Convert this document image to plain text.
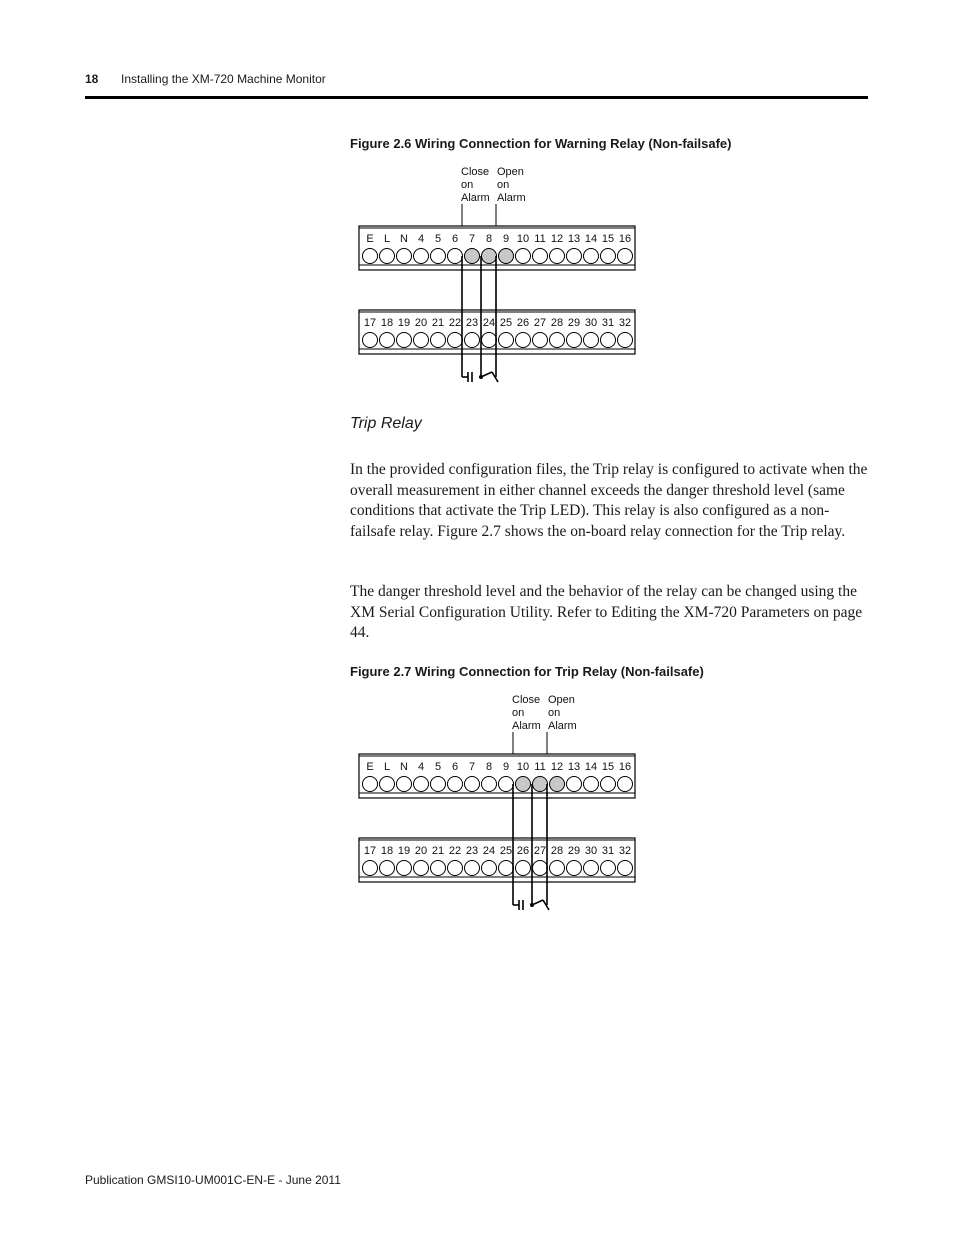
18 Installing the XM-720 Machine Monitor
Figure 2.6 Wiring Connection for Warning Relay (Non-failsafe)
Close
on
Alarm
Open
on
Alarm
E L N 4 5 6 7 8 9 10 11 12 13 14 15 16
17 18 19 20 21 22 23 24 25 26 27 28 29 30 31 32
Trip Relay
In the provided configuration files, the Trip relay is configured to activate when the overall measurement in either channel exceeds the danger threshold level (same conditions that activate the Trip LED). This relay is also configured as a non-failsafe relay. Figure 2.7 shows the on-board relay connection for the Trip relay.
The danger threshold level and the behavior of the relay can be changed using the XM Serial Configuration Utility. Refer to Editing the XM-720 Parameters on page 44.
Figure 2.7 Wiring Connection for Trip Relay (Non-failsafe)
Close
on
Alarm
Open
on
Alarm
E L N 4 5 6 7 8 9 10 11 12 13 14 15 16
17 18 19 20 21 22 23 24 25 26 27 28 29 30 31 32
Publication GMSI10-UM001C-EN-E - June 2011
